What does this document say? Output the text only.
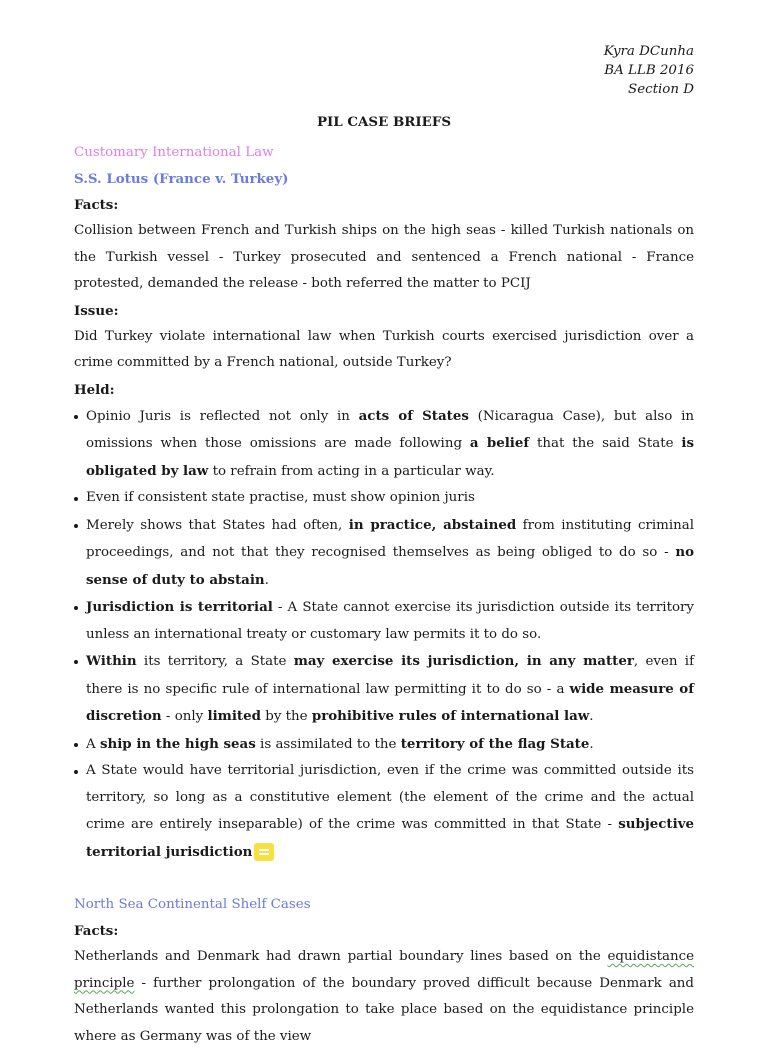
Kyra DCunha
BA LLB 2016
Section D
PIL CASE BRIEFS

Customary International Law

S.S. Lotus (France v. Turkey)

Facts:

Collision between French and Turkish ships on the high seas - killed Turkish nationals on the Turkish vessel - Turkey prosecuted and sentenced a French national - France protested, demanded the release - both referred the matter to PCIJ

Issue:

Did Turkey violate international law when Turkish courts exercised jurisdiction over a crime committed by a French national, outside Turkey?

Held:

Opinio Juris is reflected not only in acts of States (Nicaragua Case), but also in omissions when those omissions are made following a belief that the said State is obligated by law to refrain from acting in a particular way.
Even if consistent state practise, must show opinion juris
Merely shows that States had often, in practice, abstained from instituting criminal proceedings, and not that they recognised themselves as being obliged to do so - no sense of duty to abstain.
Jurisdiction is territorial - A State cannot exercise its jurisdiction outside its territory unless an international treaty or customary law permits it to do so.
Within its territory, a State may exercise its jurisdiction, in any matter, even if there is no specific rule of international law permitting it to do so - a wide measure of discretion - only limited by the prohibitive rules of international law.
A ship in the high seas is assimilated to the territory of the flag State.
A State would have territorial jurisdiction, even if the crime was committed outside its territory, so long as a constitutive element (the element of the crime and the actual crime are entirely inseparable) of the crime was committed in that State - subjective territorial jurisdiction

North Sea Continental Shelf Cases

Facts:

Netherlands and Denmark had drawn partial boundary lines based on the equidistance principle - further prolongation of the boundary proved difficult because Denmark and Netherlands wanted this prolongation to take place based on the equidistance principle where as Germany was of the view
